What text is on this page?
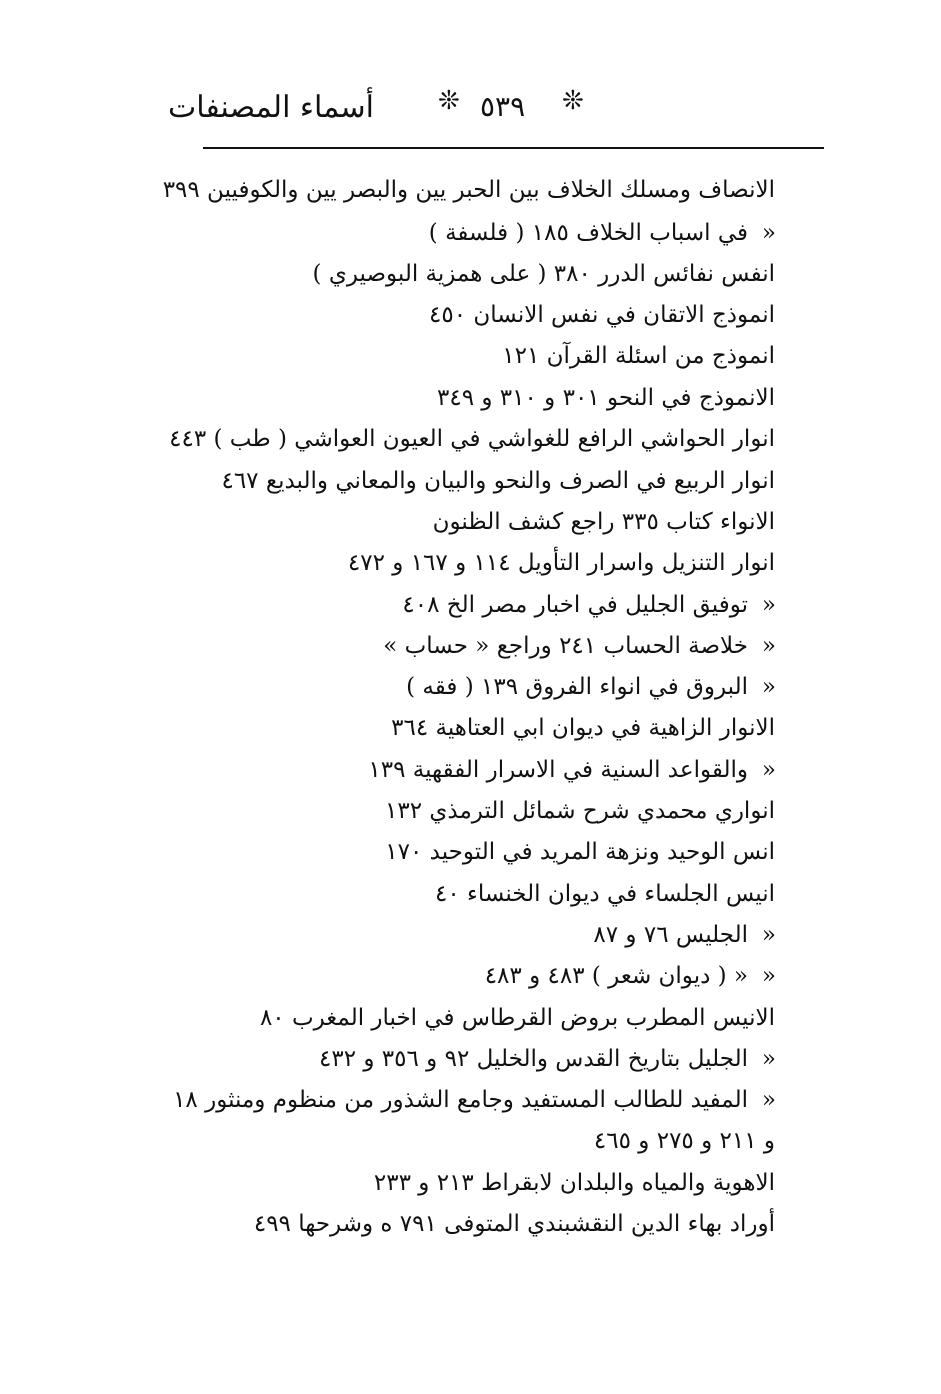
أسماء المصنفات	❊
٥٣٩
❊
الانصاف ومسلك الخلاف بين الحبر يين والبصر يين والكوفيين ٣٩٩
«في اسباب الخلاف ١٨٥ ( فلسفة )
انفس نفائس الدرر ٣٨٠ ( على همزية البوصيري )
انموذج الاتقان في نفس الانسان ٤٥٠
انموذج من اسئلة القرآن ١٢١
الانموذج في النحو ٣٠١ و ٣١٠ و ٣٤٩
انوار الحواشي الرافع للغواشي في العيون العواشي ( طب ) ٤٤٣
انوار الربيع في الصرف والنحو والبيان والمعاني والبديع ٤٦٧
الانواء كتاب ٣٣٥ راجع كشف الظنون
انوار التنزيل واسرار التأويل ١١٤ و ١٦٧ و ٤٧٢
«توفيق الجليل في اخبار مصر الخ ٤٠٨
«خلاصة الحساب ٢٤١ وراجع « حساب »
«البروق في انواء الفروق ١٣٩ ( فقه )
الانوار الزاهية في ديوان ابي العتاهية ٣٦٤
«والقواعد السنية في الاسرار الفقهية ١٣٩
انواري محمدي شرح شمائل الترمذي ١٣٢
انس الوحيد ونزهة المريد في التوحيد ١٧٠
انيس الجلساء في ديوان الخنساء ٤٠
«الجليس ٧٦ و ٨٧
«« ( ديوان شعر ) ٤٨٣ و ٤٨٣
الانيس المطرب بروض القرطاس في اخبار المغرب ٨٠
«الجليل بتاريخ القدس والخليل ٩٢ و ٣٥٦ و ٤٣٢
«المفيد للطالب المستفيد وجامع الشذور من منظوم ومنثور ١٨
و ٢١١ و ٢٧٥ و ٤٦٥
الاهوية والمياه والبلدان لابقراط ٢١٣ و ٢٣٣
أوراد بهاء الدين النقشبندي المتوفى ٧٩١ ه وشرحها ٤٩٩
